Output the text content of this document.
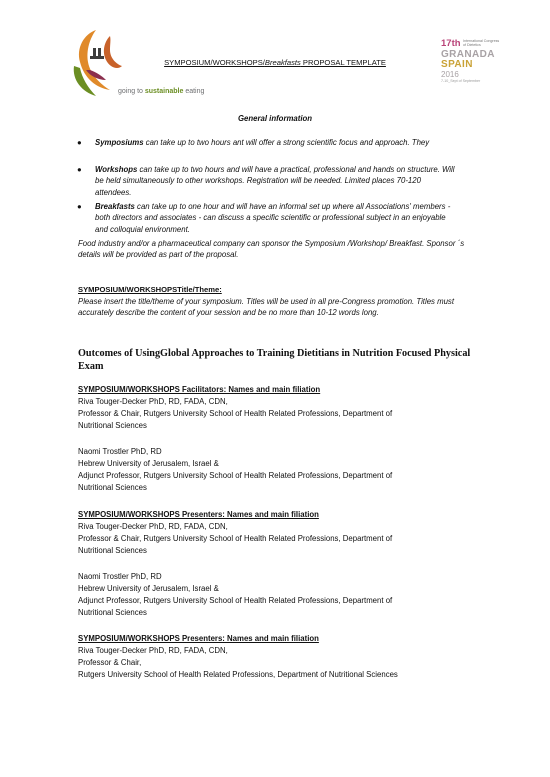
going to sustainable eating
17th International Congress of Dietetics
GRANADA
SPAIN
2016
7-10_Sept of September
SYMPOSIUM/WORKSHOPS/Breakfasts PROPOSAL TEMPLATE
General information
● Symposiums can take up to two hours ant will offer a strong scientific focus and approach. They
● Workshops can take up to two hours and will have a practical, professional and hands on structure. Will be held simultaneously to other workshops. Registration will be needed. Limited places 70-120 attendees.
● Breakfasts can take up to one hour and will have an informal set up where all Associations' members - both directors and associates - can discuss a specific scientific or professional subject in an enjoyable and colloquial environment.
Food industry and/or a pharmaceutical company can sponsor the Symposium /Workshop/ Breakfast. Sponsor ´s details will be provided as part of the proposal.
SYMPOSIUM/WORKSHOPSTitle/Theme:
Please insert the title/theme of your symposium. Titles will be used in all pre-Congress promotion. Titles must accurately describe the content of your session and be no more than 10-12 words long.
Outcomes of UsingGlobal Approaches to Training Dietitians in Nutrition Focused Physical Exam
SYMPOSIUM/WORKSHOPS Facilitators: Names and main filiation
Riva Touger-Decker PhD, RD, FADA, CDN,
Professor & Chair, Rutgers University School of Health Related Professions, Department of
Nutritional Sciences
Naomi Trostler PhD, RD
Hebrew University of Jerusalem, Israel &
Adjunct Professor, Rutgers University School of Health Related Professions, Department of
Nutritional Sciences
SYMPOSIUM/WORKSHOPS Presenters: Names and main filiation
Riva Touger-Decker PhD, RD, FADA, CDN,
Professor & Chair, Rutgers University School of Health Related Professions, Department of
Nutritional Sciences
Naomi Trostler PhD, RD
Hebrew University of Jerusalem, Israel &
Adjunct Professor, Rutgers University School of Health Related Professions, Department of
Nutritional Sciences
SYMPOSIUM/WORKSHOPS Presenters: Names and main filiation
Riva Touger-Decker PhD, RD, FADA, CDN,
Professor & Chair,
Rutgers University School of Health Related Professions, Department of Nutritional Sciences
